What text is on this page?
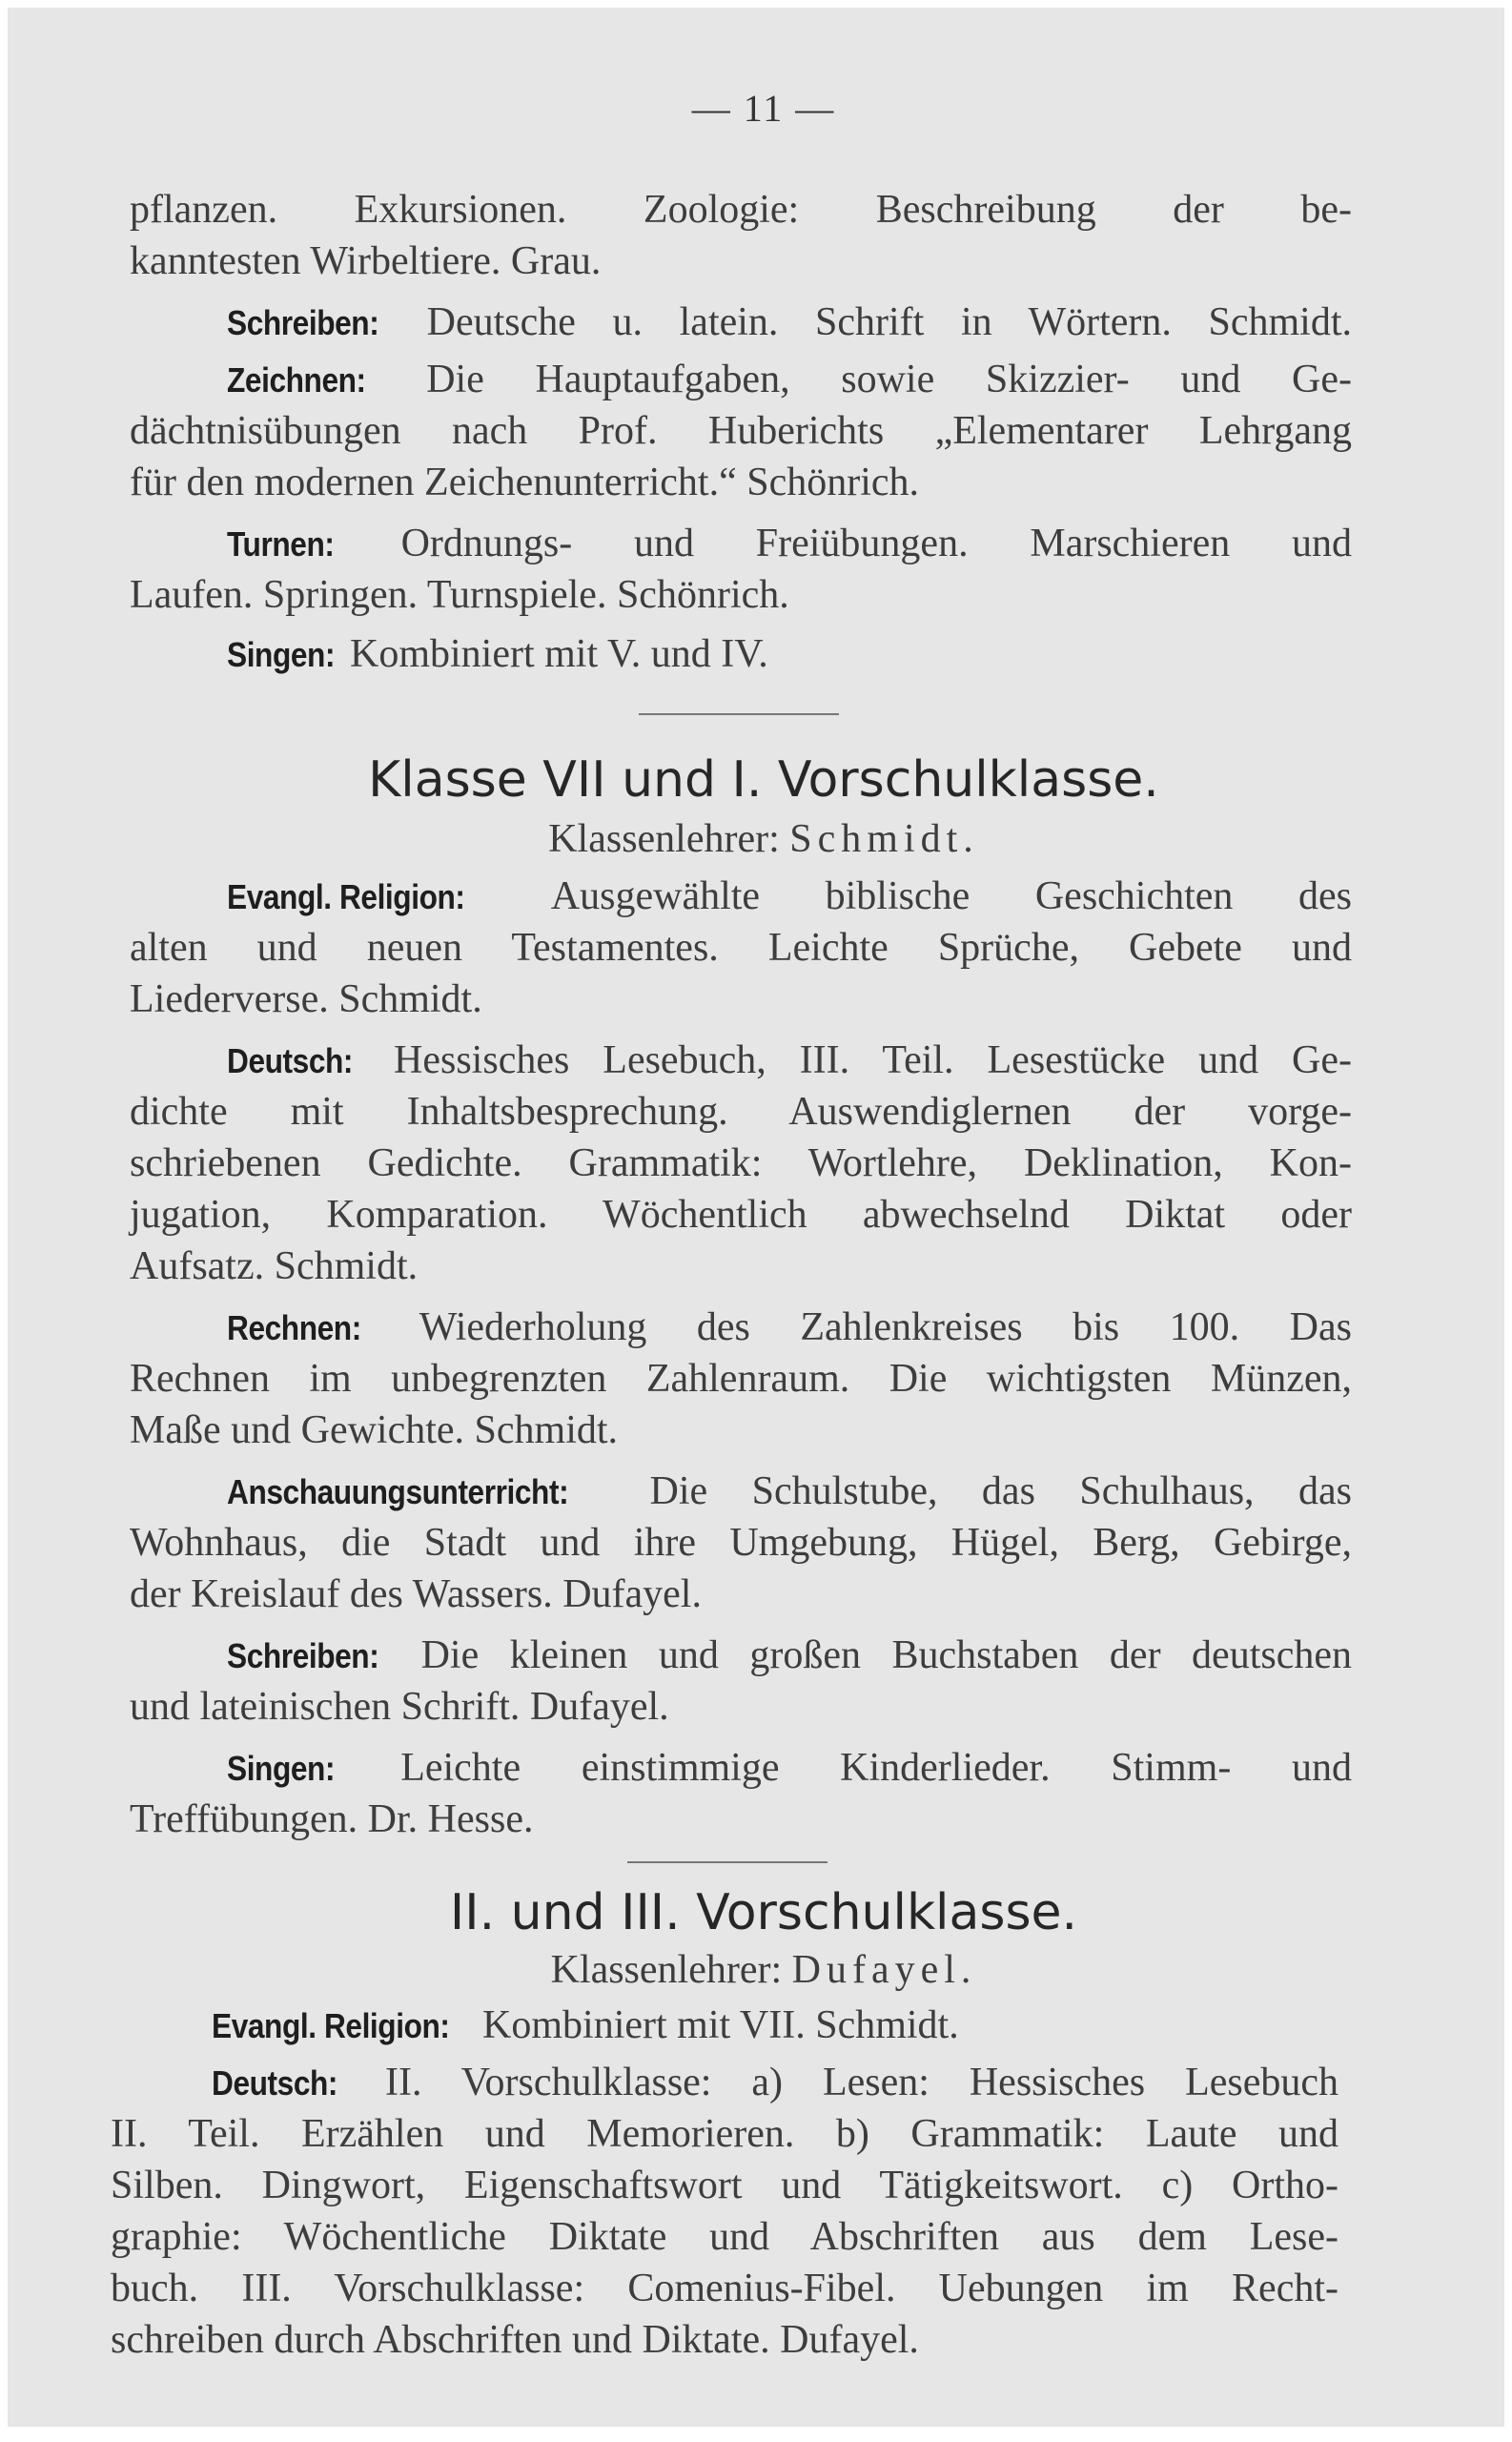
— 11 —
pflanzen. Exkursionen. Zoologie: Beschreibung der be-
kanntesten Wirbeltiere. Grau.
Schreiben: Deutsche u. latein. Schrift in Wörtern. Schmidt.
Zeichnen: Die Hauptaufgaben, sowie Skizzier- und Ge-
dächtnisübungen nach Prof. Huberichts „Elementarer Lehrgang
für den modernen Zeichenunterricht.“ Schönrich.
Turnen: Ordnungs- und Freiübungen. Marschieren und
Laufen. Springen. Turnspiele. Schönrich.
Singen: Kombiniert mit V. und IV.
Klasse VII und I. Vorschulklasse.
Klassenlehrer: Schmidt.
Evangl. Religion: Ausgewählte biblische Geschichten des
alten und neuen Testamentes. Leichte Sprüche, Gebete und
Liederverse. Schmidt.
Deutsch: Hessisches Lesebuch, III. Teil. Lesestücke und Ge-
dichte mit Inhaltsbesprechung. Auswendiglernen der vorge-
schriebenen Gedichte. Grammatik: Wortlehre, Deklination, Kon-
jugation, Komparation. Wöchentlich abwechselnd Diktat oder
Aufsatz. Schmidt.
Rechnen: Wiederholung des Zahlenkreises bis 100. Das
Rechnen im unbegrenzten Zahlenraum. Die wichtigsten Münzen,
Maße und Gewichte. Schmidt.
Anschauungsunterricht: Die Schulstube, das Schulhaus, das
Wohnhaus, die Stadt und ihre Umgebung, Hügel, Berg, Gebirge,
der Kreislauf des Wassers. Dufayel.
Schreiben: Die kleinen und großen Buchstaben der deutschen
und lateinischen Schrift. Dufayel.
Singen: Leichte einstimmige Kinderlieder. Stimm- und
Treffübungen. Dr. Hesse.
II. und III. Vorschulklasse.
Klassenlehrer: Dufayel.
Evangl. Religion: Kombiniert mit VII. Schmidt.
Deutsch: II. Vorschulklasse: a) Lesen: Hessisches Lesebuch
II. Teil. Erzählen und Memorieren. b) Grammatik: Laute und
Silben. Dingwort, Eigenschaftswort und Tätigkeitswort. c) Ortho-
graphie: Wöchentliche Diktate und Abschriften aus dem Lese-
buch. III. Vorschulklasse: Comenius-Fibel. Uebungen im Recht-
schreiben durch Abschriften und Diktate. Dufayel.
